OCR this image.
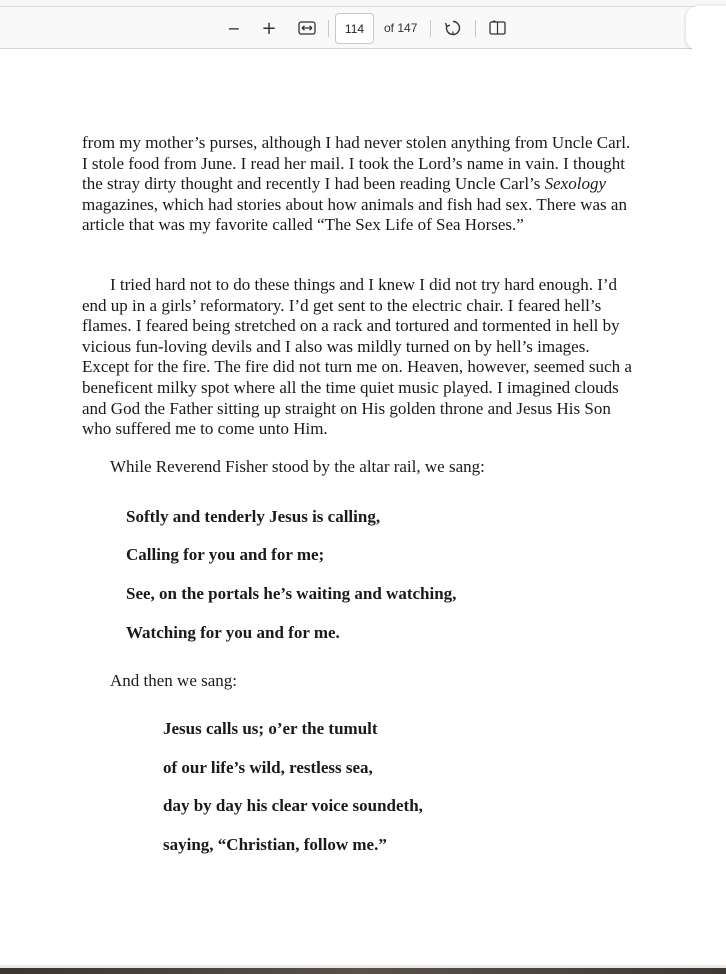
− +
114	of 147

from my mother’s purses, although I had never stolen anything from Uncle Carl. I stole food from June. I read her mail. I took the Lord’s name in vain. I thought the stray dirty thought and recently I had been reading Uncle Carl’s Sexology magazines, which had stories about how animals and fish had sex. There was an article that was my favorite called “The Sex Life of Sea Horses.”

I tried hard not to do these things and I knew I did not try hard enough. I’d end up in a girls’ reformatory. I’d get sent to the electric chair. I feared hell’s flames. I feared being stretched on a rack and tortured and tormented in hell by vicious fun-loving devils and I also was mildly turned on by hell’s images. Except for the fire. The fire did not turn me on. Heaven, however, seemed such a beneficent milky spot where all the time quiet music played. I imagined clouds and God the Father sitting up straight on His golden throne and Jesus His Son who suffered me to come unto Him.

While Reverend Fisher stood by the altar rail, we sang:

Softly and tenderly Jesus is calling,

Calling for you and for me;

See, on the portals he’s waiting and watching,

Watching for you and for me.

And then we sang:

Jesus calls us; o’er the tumult

of our life’s wild, restless sea,

day by day his clear voice soundeth,

saying, “Christian, follow me.”
